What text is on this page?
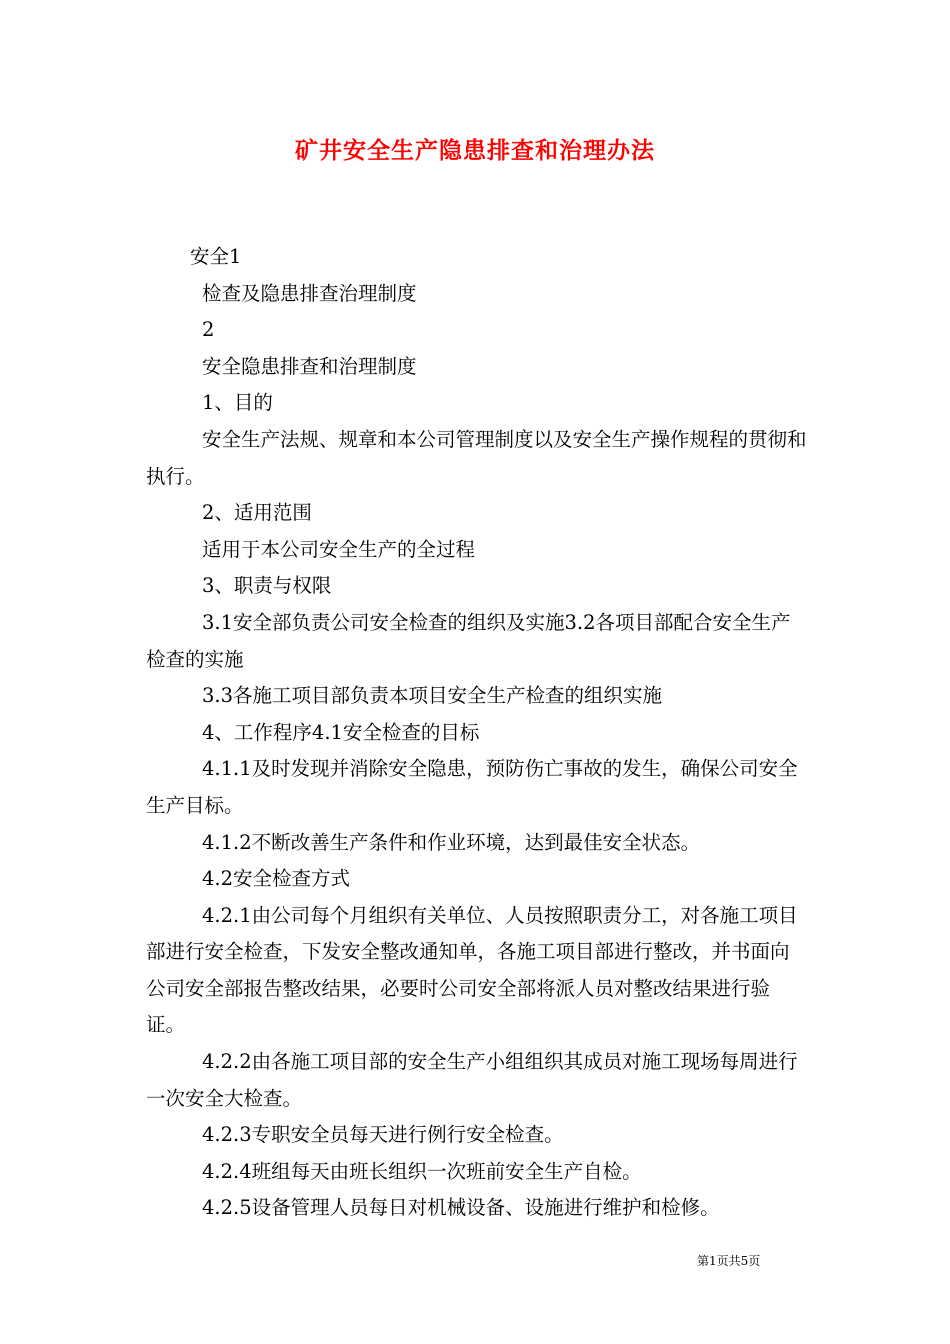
矿井安全生产隐患排查和治理办法

安全1

检查及隐患排查治理制度

2

安全隐患排查和治理制度

1、目的

安全生产法规、规章和本公司管理制度以及安全生产操作规程的贯彻和执行。

2、适用范围

适用于本公司安全生产的全过程

3、职责与权限

3.1安全部负责公司安全检查的组织及实施3.2各项目部配合安全生产检查的实施

3.3各施工项目部负责本项目安全生产检查的组织实施

4、工作程序4.1安全检查的目标

4.1.1及时发现并消除安全隐患，预防伤亡事故的发生，确保公司安全生产目标。

4.1.2不断改善生产条件和作业环境，达到最佳安全状态。

4.2安全检查方式

4.2.1由公司每个月组织有关单位、人员按照职责分工，对各施工项目部进行安全检查，下发安全整改通知单，各施工项目部进行整改，并书面向公司安全部报告整改结果，必要时公司安全部将派人员对整改结果进行验证。

4.2.2由各施工项目部的安全生产小组组织其成员对施工现场每周进行一次安全大检查。

4.2.3专职安全员每天进行例行安全检查。

4.2.4班组每天由班长组织一次班前安全生产自检。

4.2.5设备管理人员每日对机械设备、设施进行维护和检修。

第1页共5页
